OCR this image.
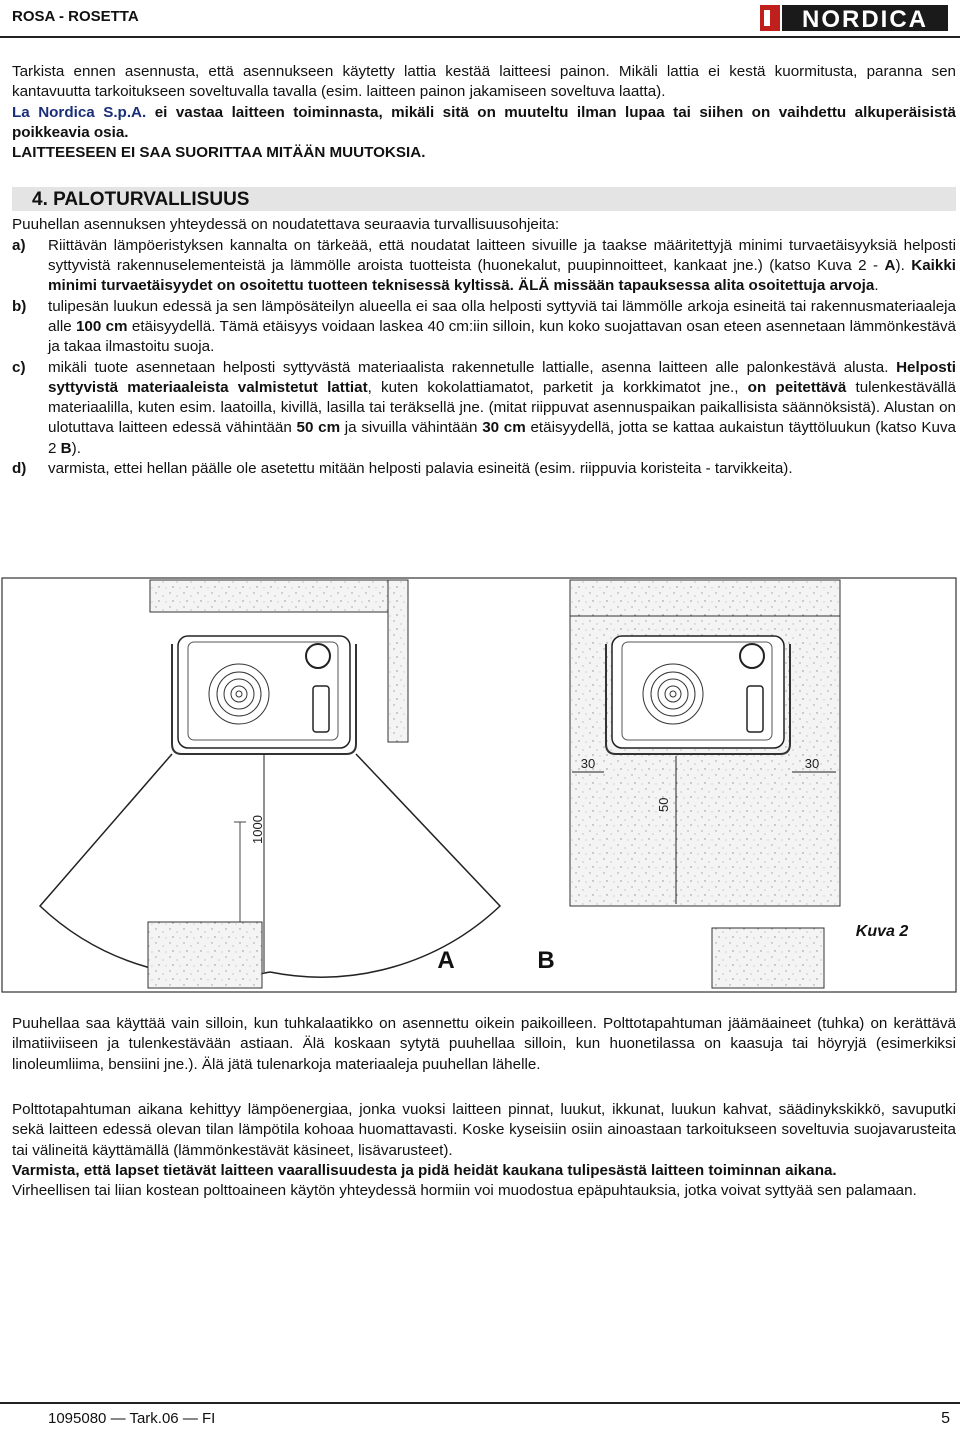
ROSA - ROSETTA	NORDICA

Tarkista ennen asennusta, että asennukseen käytetty lattia kestää laitteesi painon. Mikäli lattia ei kestä kuormitusta, paranna sen kantavuutta tarkoitukseen soveltuvalla tavalla (esim. laitteen painon jakamiseen soveltuva laatta).

La Nordica S.p.A. ei vastaa laitteen toiminnasta, mikäli sitä on muuteltu ilman lupaa tai siihen on vaihdettu alkuperäisistä poikkeavia osia.

LAITTEESEEN EI SAA SUORITTAA MITÄÄN MUUTOKSIA.

4. PALOTURVALLISUUS

Puuhellan asennuksen yhteydessä on noudatettava seuraavia turvallisuusohjeita:

a)	Riittävän lämpöeristyksen kannalta on tärkeää, että noudatat laitteen sivuille ja taakse määritettyjä minimi turvaetäisyyksiä helposti syttyvistä rakennuselementeistä ja lämmölle aroista tuotteista (huonekalut, puupinnoitteet, kankaat jne.) (katso Kuva 2 - A). Kaikki minimi turvaetäisyydet on osoitettu tuotteen teknisessä kyltissä. ÄLÄ missään tapauksessa alita osoitettuja arvoja.
b)	tulipesän luukun edessä ja sen lämpösäteilyn alueella ei saa olla helposti syttyviä tai lämmölle arkoja esineitä tai rakennusmateriaaleja alle 100 cm etäisyydellä. Tämä etäisyys voidaan laskea 40 cm:iin silloin, kun koko suojattavan osan eteen asennetaan lämmönkestävä ja takaa ilmastoitu suoja.
c)	mikäli tuote asennetaan helposti syttyvästä materiaalista rakennetulle lattialle, asenna laitteen alle palonkestävä alusta. Helposti syttyvistä materiaaleista valmistetut lattiat, kuten kokolattiamatot, parketit ja korkkimatot jne., on peitettävä tulenkestävällä materiaalilla, kuten esim. laatoilla, kivillä, lasilla tai teräksellä jne. (mitat riippuvat asennuspaikan paikallisista säännöksistä). Alustan on ulotuttava laitteen edessä vähintään 50 cm ja sivuilla vähintään 30 cm etäisyydellä, jotta se kattaa aukaistun täyttöluukun (katso Kuva 2 B).
d)	varmista, ettei hellan päälle ole asetettu mitään helposti palavia esineitä (esim. riippuvia koristeita - tarvikkeita).
1000
A	B
30	30
50
Kuva 2

Puuhellaa saa käyttää vain silloin, kun tuhkalaatikko on asennettu oikein paikoilleen. Polttotapahtuman jäämäaineet (tuhka) on kerättävä ilmatiiviiseen ja tulenkestävään astiaan. Älä koskaan sytytä puuhellaa silloin, kun huonetilassa on kaasuja tai höyryjä (esimerkiksi linoleumliima, bensiini jne.). Älä jätä tulenarkoja materiaaleja puuhellan lähelle.

Polttotapahtuman aikana kehittyy lämpöenergiaa, jonka vuoksi laitteen pinnat, luukut, ikkunat, luukun kahvat, säädinykskikkö, savuputki sekä laitteen edessä olevan tilan lämpötila kohoaa huomattavasti. Koske kyseisiin osiin ainoastaan tarkoitukseen soveltuvia suojavarusteita tai välineitä käyttämällä (lämmönkestävät käsineet, lisävarusteet).

Varmista, että lapset tietävät laitteen vaarallisuudesta ja pidä heidät kaukana tulipesästä laitteen toiminnan aikana.

Virheellisen tai liian kostean polttoaineen käytön yhteydessä hormiin voi muodostua epäpuhtauksia, jotka voivat syttyää sen palamaan.

1095080 — Tark.06 — FI	5
